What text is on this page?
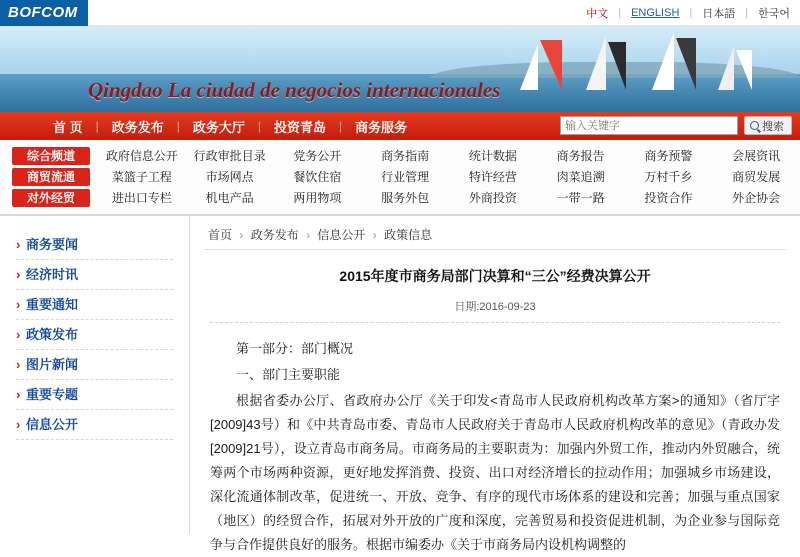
BOFCOM	中文 | ENGLISH | 日本語 | 한국어
Qingdao La ciudad de negocios internacionales
首 页	|	政务发布	|	政务大厅	|	投资青岛	|	商务服务
输入关键字	搜索
综合频道	政府信息公开	行政审批目录	党务公开	商务指南	统计数据	商务报告	商务预警	会展资讯
商贸流通	菜篮子工程	市场网点	餐饮住宿	行业管理	特许经营	肉菜追溯	万村千乡	商贸发展
对外经贸	进出口专栏	机电产品	两用物项	服务外包	外商投资	一带一路	投资合作	外企协会
› 商务要闻
› 经济时讯
› 重要通知
› 政策发布
› 图片新闻
› 重要专题
› 信息公开
首页 › 政务发布 › 信息公开 › 政策信息
2015年度市商务局部门决算和“三公”经费决算公开
日期:2016-09-23

第一部分：部门概况

一、部门主要职能

根据省委办公厅、省政府办公厅《关于印发<青岛市人民政府机构改革方案>的通知》（省厅字[2009]43号）和《中共青岛市委、青岛市人民政府关于青岛市人民政府机构改革的意见》（青政办发[2009]21号），设立青岛市商务局。市商务局的主要职责为：加强内外贸工作，推动内外贸融合，统筹两个市场两种资源，更好地发挥消费、投资、出口对经济增长的拉动作用；加强城乡市场建设，深化流通体制改革，促进统一、开放、竞争、有序的现代市场体系的建设和完善；加强与重点国家（地区）的经贸合作，拓展对外开放的广度和深度，完善贸易和投资促进机制，为企业参与国际竞争与合作提供良好的服务。根据市编委办《关于市商务局内设机构调整的
